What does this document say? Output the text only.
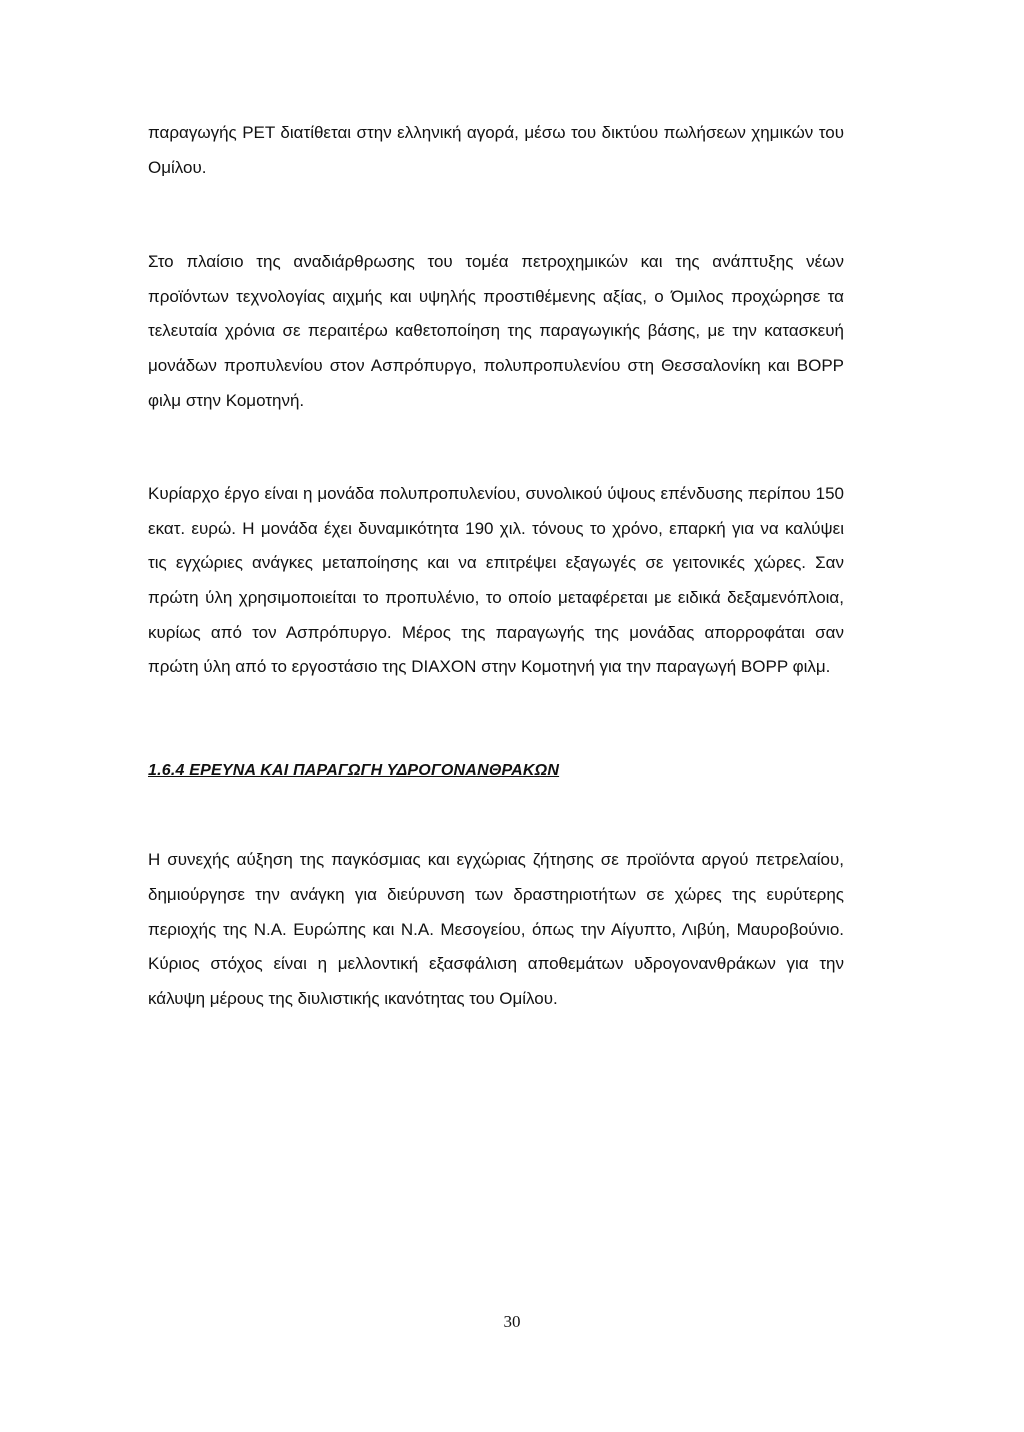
παραγωγής PET διατίθεται στην ελληνική αγορά, μέσω του δικτύου πωλήσεων χημικών του Ομίλου.

Στο πλαίσιο της αναδιάρθρωσης του τομέα πετροχημικών και της ανάπτυξης νέων προϊόντων τεχνολογίας αιχμής και υψηλής προστιθέμενης αξίας, ο Όμιλος προχώρησε τα τελευταία χρόνια σε περαιτέρω καθετοποίηση της παραγωγικής βάσης, με την κατασκευή μονάδων προπυλενίου στον Ασπρόπυργο, πολυπροπυλενίου στη Θεσσαλονίκη και BOPP φιλμ στην Κομοτηνή.

Κυρίαρχο έργο είναι η μονάδα πολυπροπυλενίου, συνολικού ύψους επένδυσης περίπου 150 εκατ. ευρώ. Η μονάδα έχει δυναμικότητα 190 χιλ. τόνους το χρόνο, επαρκή για να καλύψει τις εγχώριες ανάγκες μεταποίησης και να επιτρέψει εξαγωγές σε γειτονικές χώρες. Σαν πρώτη ύλη χρησιμοποιείται το προπυλένιο, το οποίο μεταφέρεται με ειδικά δεξαμενόπλοια, κυρίως από τον Ασπρόπυργο. Μέρος της παραγωγής της μονάδας απορροφάται σαν πρώτη ύλη από το εργοστάσιο της DIAXON στην Κομοτηνή για την παραγωγή BOPP φιλμ.

1.6.4 ΕΡΕΥΝΑ ΚΑΙ ΠΑΡΑΓΩΓΗ ΥΔΡΟΓΟΝΑΝΘΡΑΚΩΝ

Η συνεχής αύξηση της παγκόσμιας και εγχώριας ζήτησης σε προϊόντα αργού πετρελαίου, δημιούργησε την ανάγκη για διεύρυνση των δραστηριοτήτων σε χώρες της ευρύτερης περιοχής της Ν.Α. Ευρώπης και Ν.Α. Μεσογείου, όπως την Αίγυπτο, Λιβύη, Μαυροβούνιο. Κύριος στόχος είναι η μελλοντική εξασφάλιση αποθεμάτων υδρογονανθράκων για την κάλυψη μέρους της διυλιστικής ικανότητας του Ομίλου.

30
